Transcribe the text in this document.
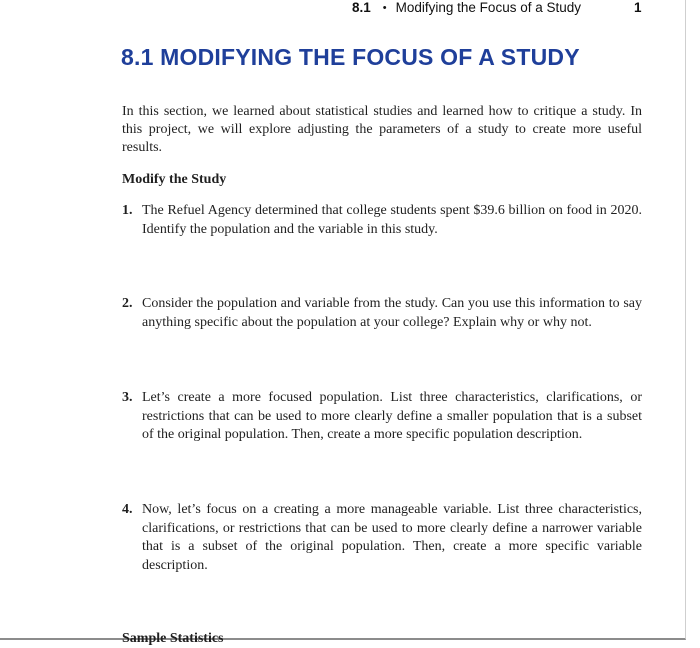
8.1 • Modifying the Focus of a Study	1
8.1 MODIFYING THE FOCUS OF A STUDY

In this section, we learned about statistical studies and learned how to critique a study. In this project, we will explore adjusting the parameters of a study to create more useful results.

Modify the Study

1. The Refuel Agency determined that college students spent $39.6 billion on food in 2020. Identify the population and the variable in this study.
2. Consider the population and variable from the study. Can you use this information to say anything specific about the population at your college? Explain why or why not.
3. Let’s create a more focused population. List three characteristics, clarifications, or restrictions that can be used to more clearly define a smaller population that is a subset of the original population. Then, create a more specific population description.
4. Now, let’s focus on a creating a more manageable variable. List three characteristics, clarifications, or restrictions that can be used to more clearly define a narrower variable that is a subset of the original population. Then, create a more specific variable description.

Sample Statistics
